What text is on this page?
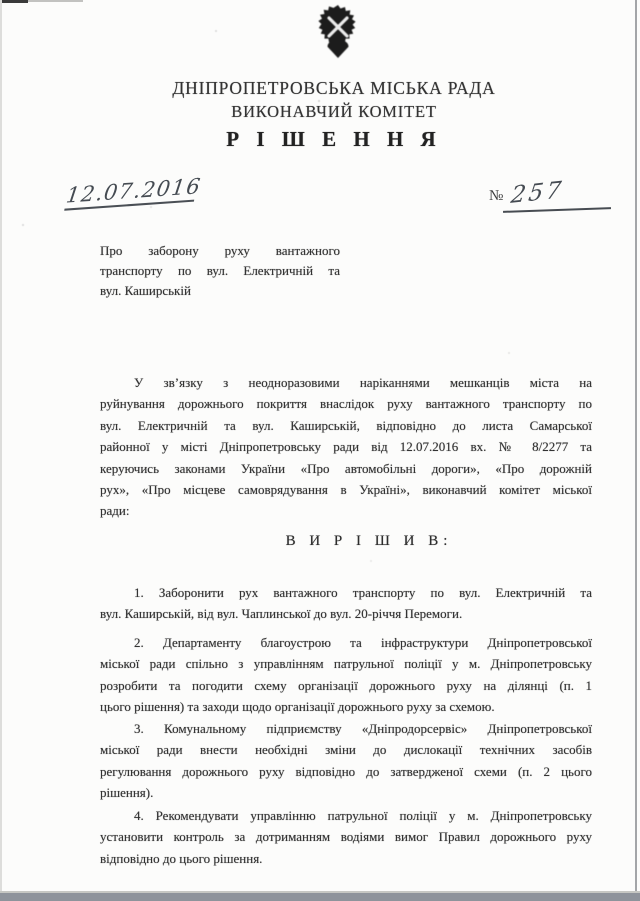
ДНІПРОПЕТРОВСЬКА МІСЬКА РАДА
ВИКОНАВЧИЙ КОМІТЕТ
Р І Ш Е Н Н Я
12.07.2016	№ 257
Про заборону руху вантажного
транспорту по вул. Електричній та
вул. Каширській
У зв’язку з неодноразовими наріканнями мешканців міста на
руйнування дорожнього покриття внаслідок руху вантажного транспорту по
вул. Електричній та вул. Каширській, відповідно до листа Самарської
районної у місті Дніпропетровську ради від 12.07.2016 вх. № 8/2277 та
керуючись законами України «Про автомобільні дороги», «Про дорожній
рух», «Про місцеве самоврядування в Україні», виконавчий комітет міської
ради:
В И Р І Ш И В:
1. Заборонити рух вантажного транспорту по вул. Електричній та
вул. Каширській, від вул. Чаплинської до вул. 20-річчя Перемоги.
2. Департаменту благоустрою та інфраструктури Дніпропетровської
міської ради спільно з управлінням патрульної поліції у м. Дніпропетровську
розробити та погодити схему організації дорожнього руху на ділянці (п. 1
цього рішення) та заходи щодо організації дорожнього руху за схемою.
3. Комунальному підприємству «Дніпродорсервіс» Дніпропетровської
міської ради внести необхідні зміни до дислокації технічних засобів
регулювання дорожнього руху відповідно до затвердженої схеми (п. 2 цього
рішення).
4. Рекомендувати управлінню патрульної поліції у м. Дніпропетровську
установити контроль за дотриманням водіями вимог Правил дорожнього руху
відповідно до цього рішення.
